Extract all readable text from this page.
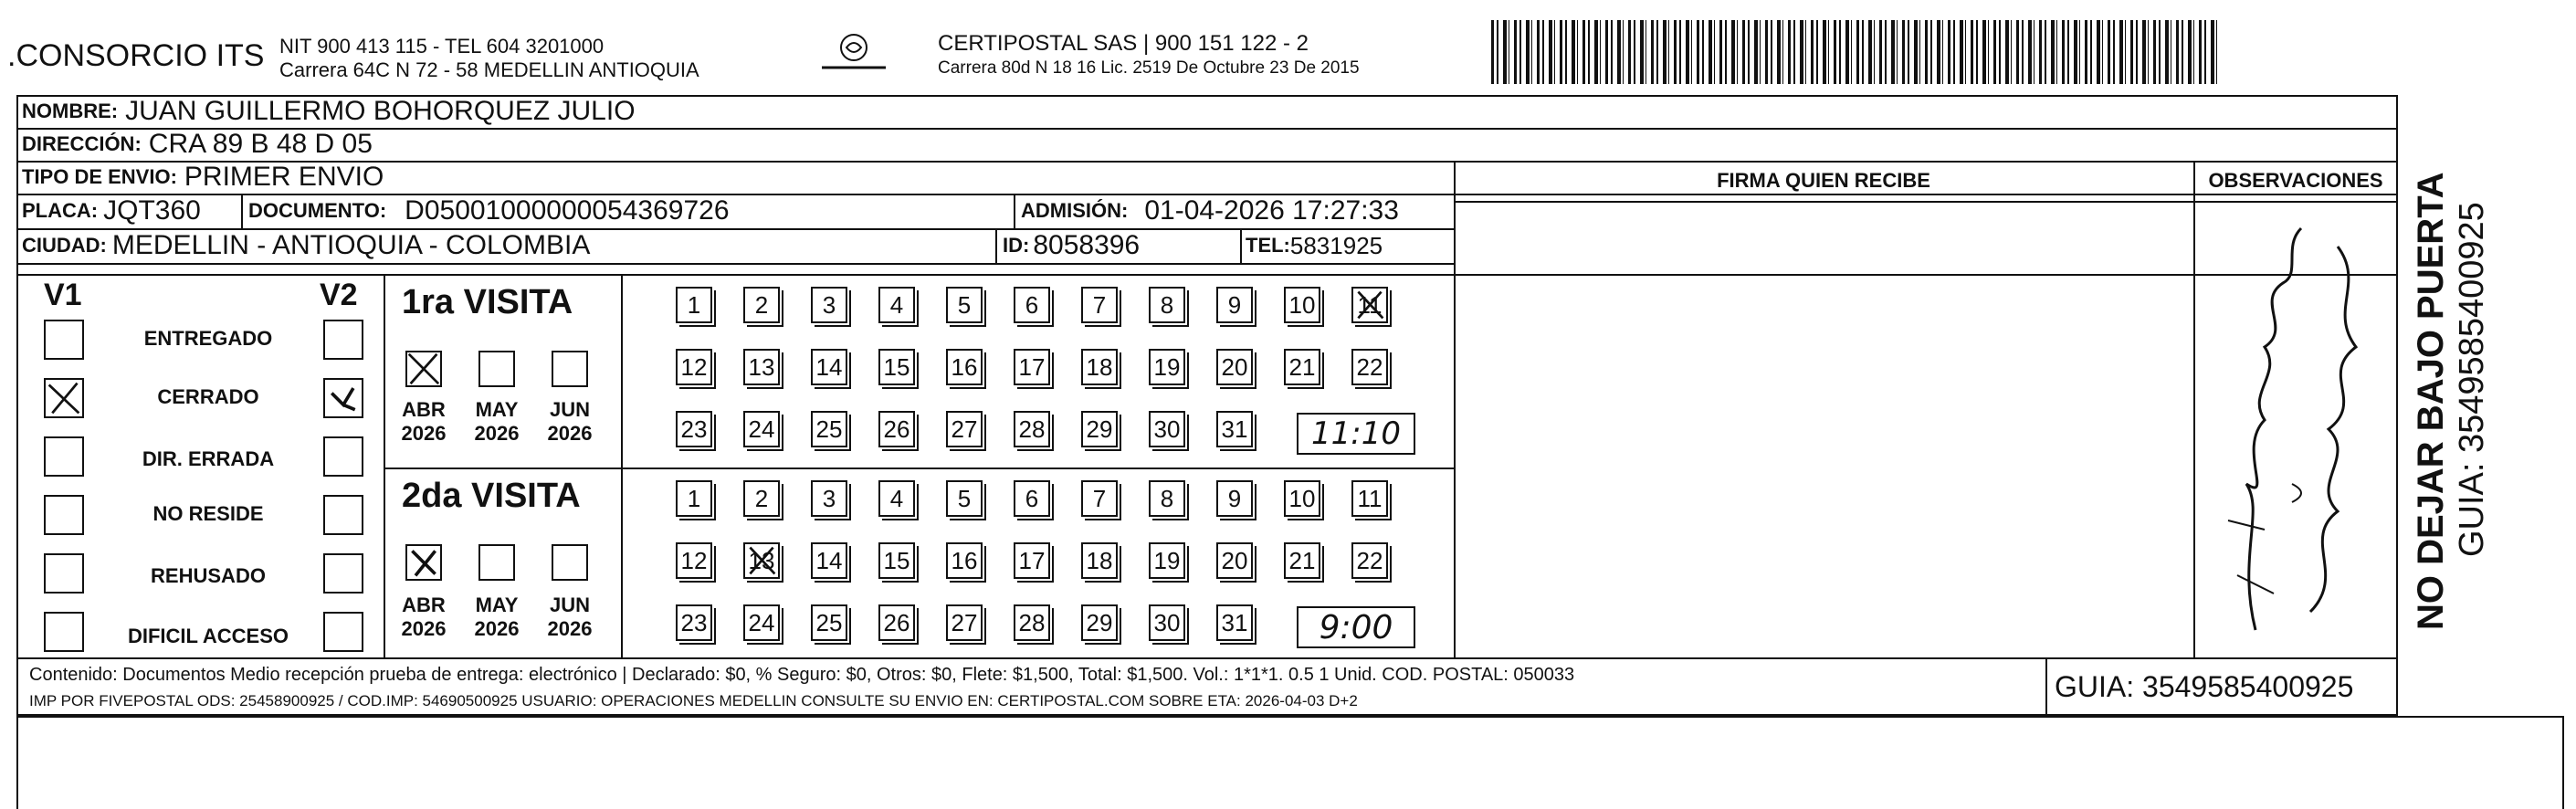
.CONSORCIO ITS NIT 900 413 115 - TEL 604 3201000
Carrera 64C N 72 - 58 MEDELLIN ANTIOQUIA
CERTIPOSTAL SAS | 900 151 122 - 2
Carrera 80d N 18 16 Lic. 2519 De Octubre 23 De 2015
NOMBRE: JUAN GUILLERMO BOHORQUEZ JULIO
DIRECCIÓN: CRA 89 B 48 D 05
TIPO DE ENVIO: PRIMER ENVIO	FIRMA QUIEN RECIBE	OBSERVACIONES
PLACA: JQT360 DOCUMENTO: D05001000000054369726	ADMISIÓN: 01-04-2026 17:27:33
CIUDAD: MEDELLIN - ANTIOQUIA - COLOMBIA	ID: 8058396	TEL: 5831925
V1	V2
ENTREGADO
CERRADO
DIR. ERRADA
NO RESIDE
REHUSADO
DIFICIL ACCESO
1ra VISITA
2da VISITA
ABR
2026
MAY
2026
JUN
2026
ABR
2026
MAY
2026
JUN
2026
1	2	3	4	5	6	7	8	9	10 11
12 13 14 15 16 17 18 19 20 21 22
23 24 25 26 27 28 29 30 31
1	2	3	4	5	6	7	8	9	10 11
12 13 14 15 16 17 18 19 20 21 22
23 24 25 26 27 28 29 30 31
11:10
9:00
Contenido: Documentos Medio recepción prueba de entrega: electrónico | Declarado: $0, % Seguro: $0, Otros: $0, Flete: $1,500, Total: $1,500. Vol.: 1*1*1. 0.5 1 Unid. COD. POSTAL: 050033
IMP POR FIVEPOSTAL ODS: 25458900925 / COD.IMP: 54690500925 USUARIO: OPERACIONES MEDELLIN CONSULTE SU ENVIO EN: CERTIPOSTAL.COM SOBRE ETA: 2026-04-03 D+2	GUIA: 3549585400925
NO DEJAR BAJO PUERTA GUIA: 3549585400925
